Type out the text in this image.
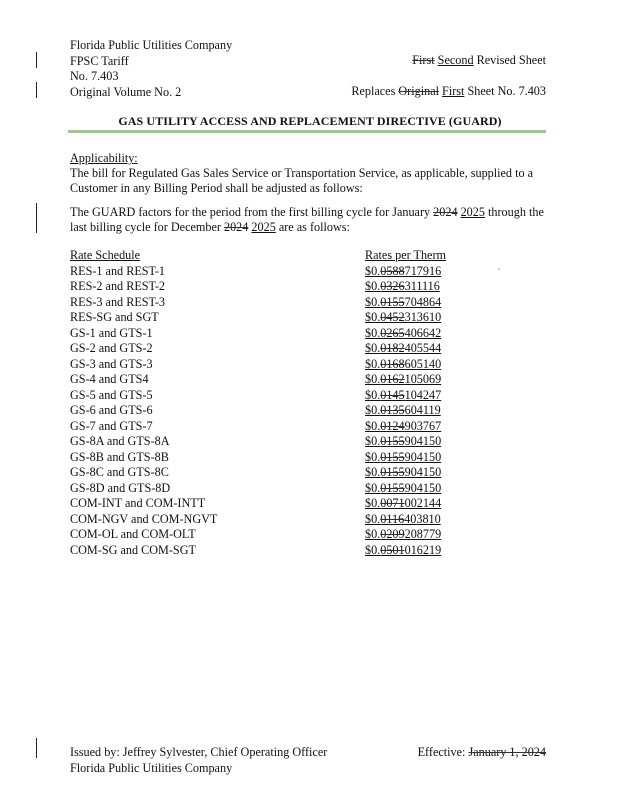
Florida Public Utilities Company
FPSC Tariff
No. 7.403
Original Volume No. 2
First Second Revised Sheet
Replaces Original First Sheet No. 7.403
GAS UTILITY ACCESS AND REPLACEMENT DIRECTIVE (GUARD)
Applicability:
The bill for Regulated Gas Sales Service or Transportation Service, as applicable, supplied to a
Customer in any Billing Period shall be adjusted as follows:
The GUARD factors for the period from the first billing cycle for January 2024 2025 through the
last billing cycle for December 2024 2025 are as follows:
Rate Schedule	Rates per Therm
RES-1 and REST-1	$0.0588717916
RES-2 and REST-2	$0.0326311116
RES-3 and REST-3	$0.0155704864
RES-SG and SGT	$0.0452313610
GS-1 and GTS-1	$0.0265406642
GS-2 and GTS-2	$0.0182405544
GS-3 and GTS-3	$0.0168605140
GS-4 and GTS4	$0.0162105069
GS-5 and GTS-5	$0.0145104247
GS-6 and GTS-6	$0.0135604119
GS-7 and GTS-7	$0.0124903767
GS-8A and GTS-8A	$0.0155904150
GS-8B and GTS-8B	$0.0155904150
GS-8C and GTS-8C	$0.0155904150
GS-8D and GTS-8D	$0.0155904150
COM-INT and COM-INTT	$0.0071002144
COM-NGV and COM-NGVT	$0.0116403810
COM-OL and COM-OLT	$0.0209208779
COM-SG and COM-SGT	$0.0501016219
Issued by: Jeffrey Sylvester, Chief Operating Officer
Florida Public Utilities Company
Effective: January 1, 2024
